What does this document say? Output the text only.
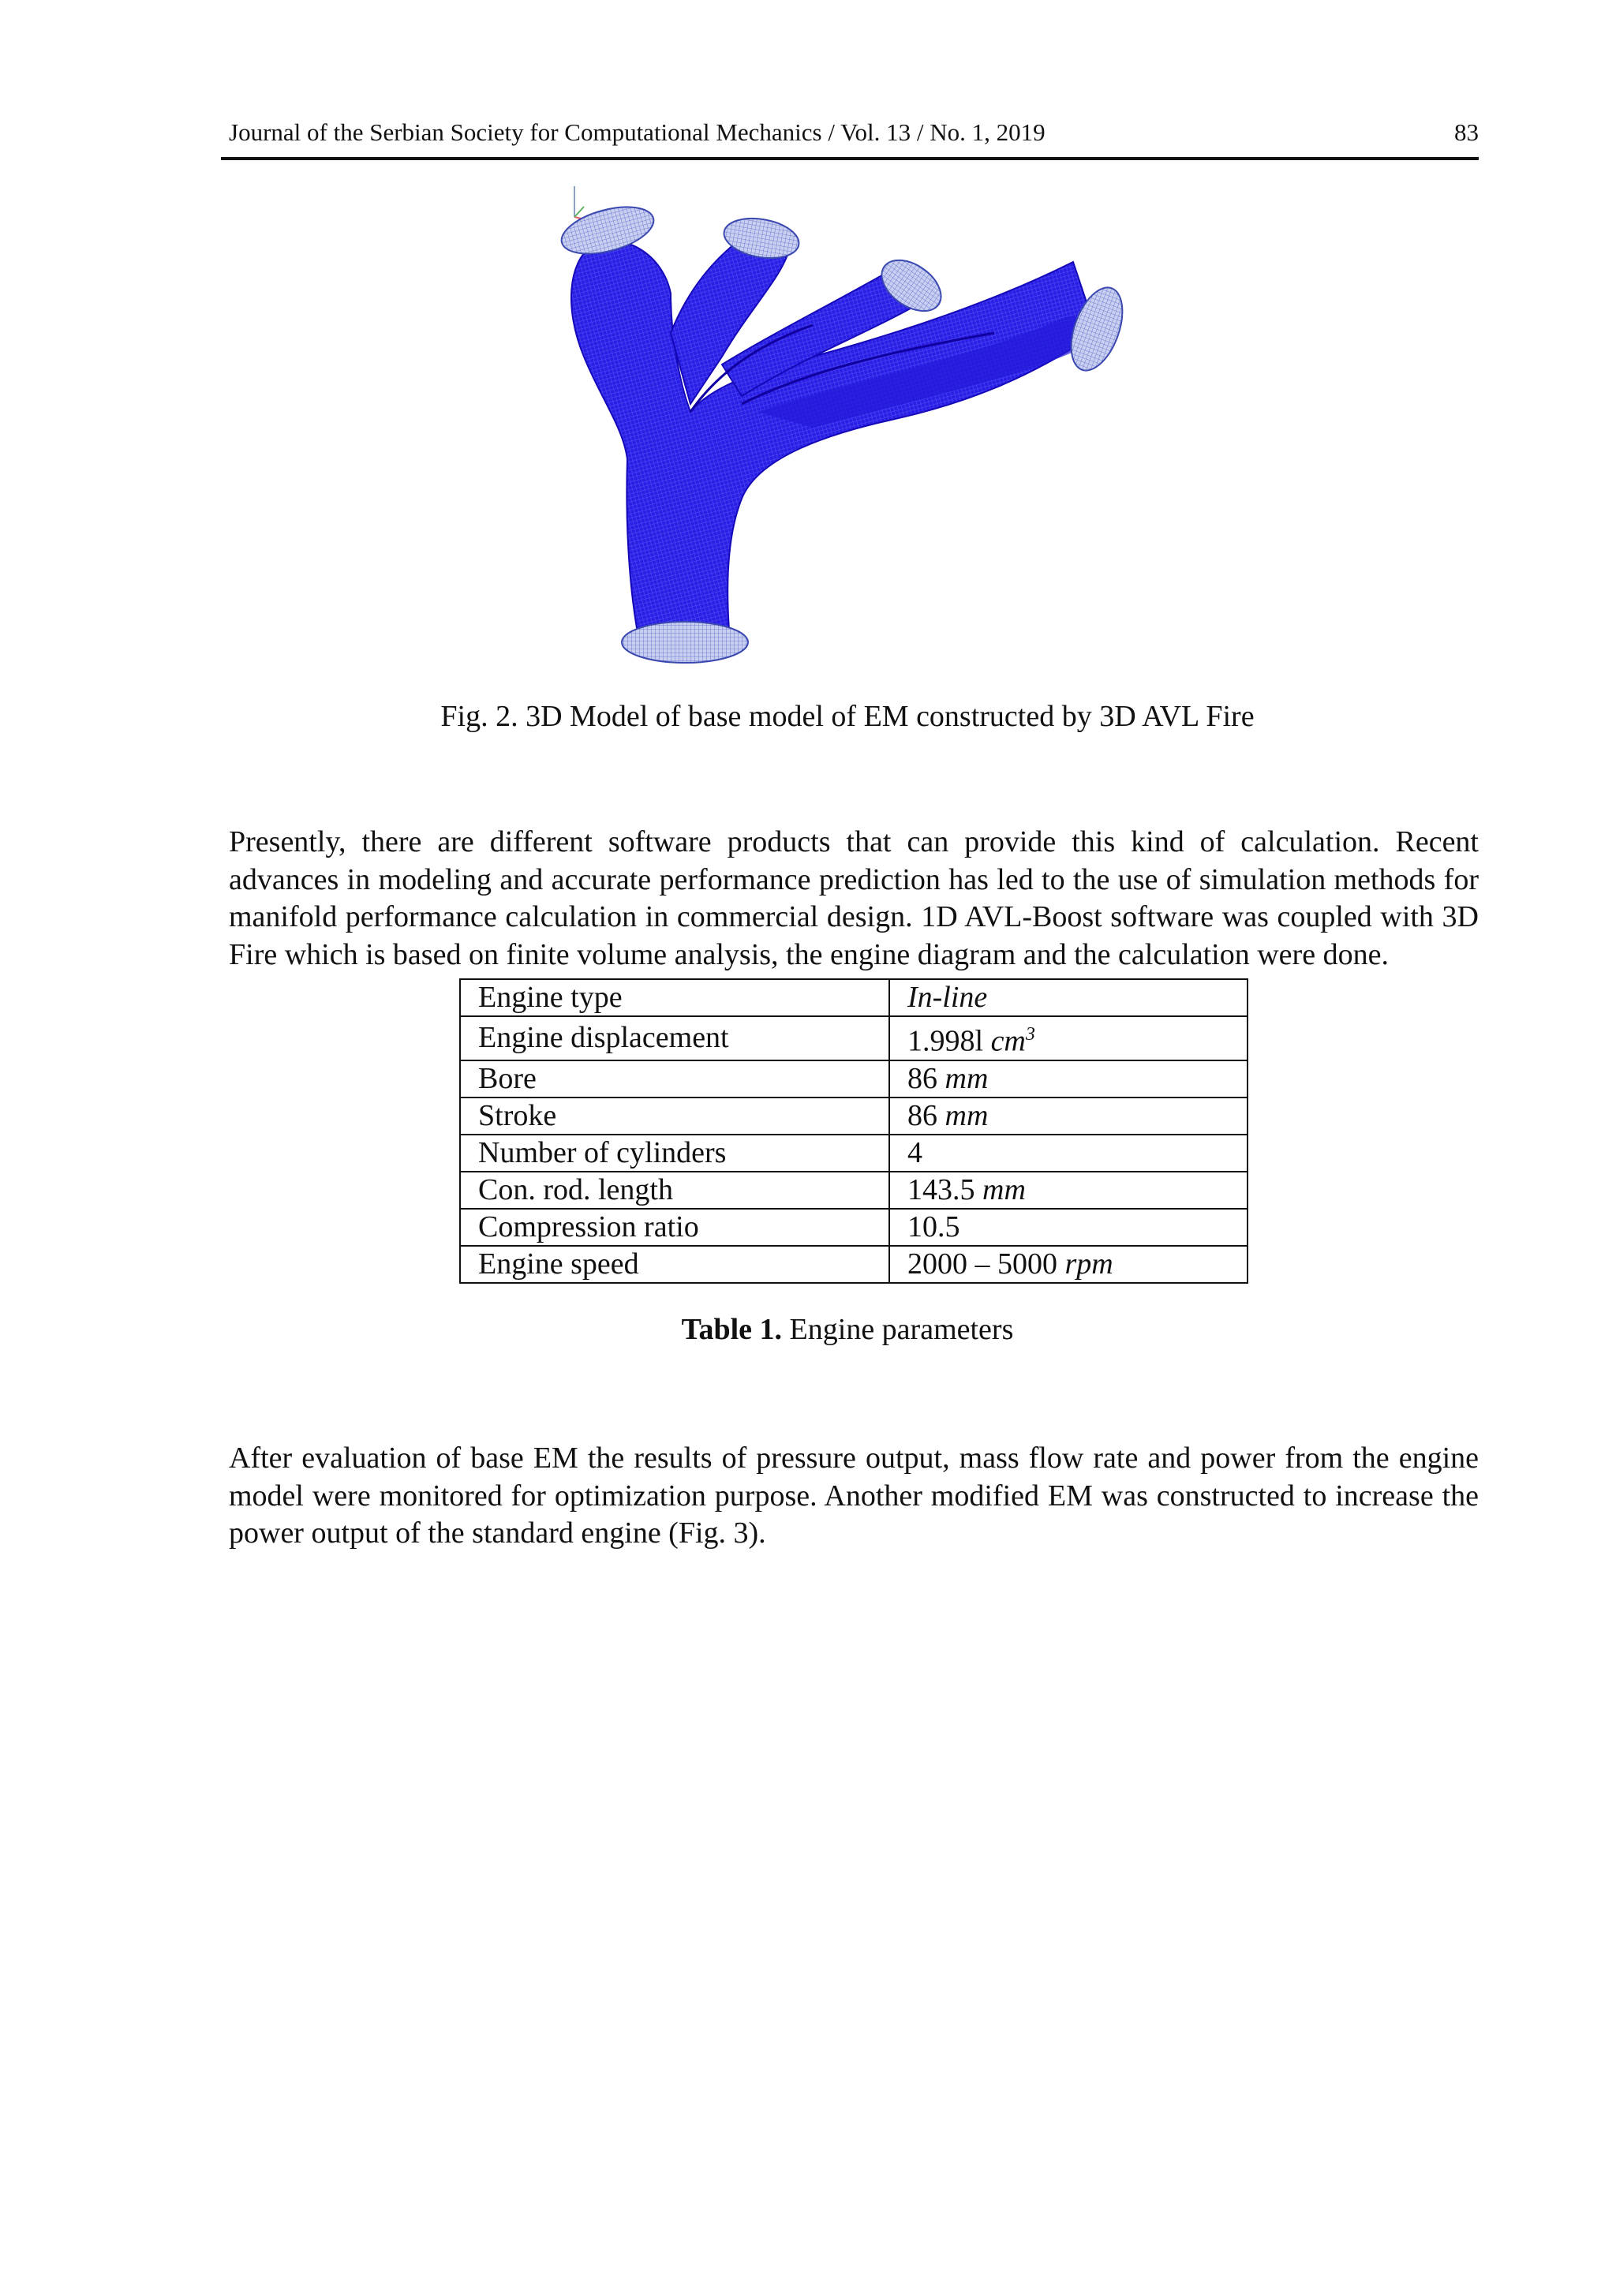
Journal of the Serbian Society for Computational Mechanics / Vol. 13 / No. 1, 2019	83
Fig. 2. 3D Model of base model of EM constructed by 3D AVL Fire

Presently, there are different software products that can provide this kind of calculation. Recent advances in modeling and accurate performance prediction has led to the use of simulation methods for manifold performance calculation in commercial design. 1D AVL-Boost software was coupled with 3D Fire which is based on finite volume analysis, the engine diagram and the calculation were done.

Engine type	In-line
Engine displacement	1.998l $cm^3$
Bore	86 mm
Stroke	86 mm
Number of cylinders	4
Con. rod. length	143.5 mm
Compression ratio	10.5
Engine speed	2000 – 5000 rpm
Table 1. Engine parameters

After evaluation of base EM the results of pressure output, mass flow rate and power from the engine model were monitored for optimization purpose. Another modified EM was constructed to increase the power output of the standard engine (Fig. 3).
